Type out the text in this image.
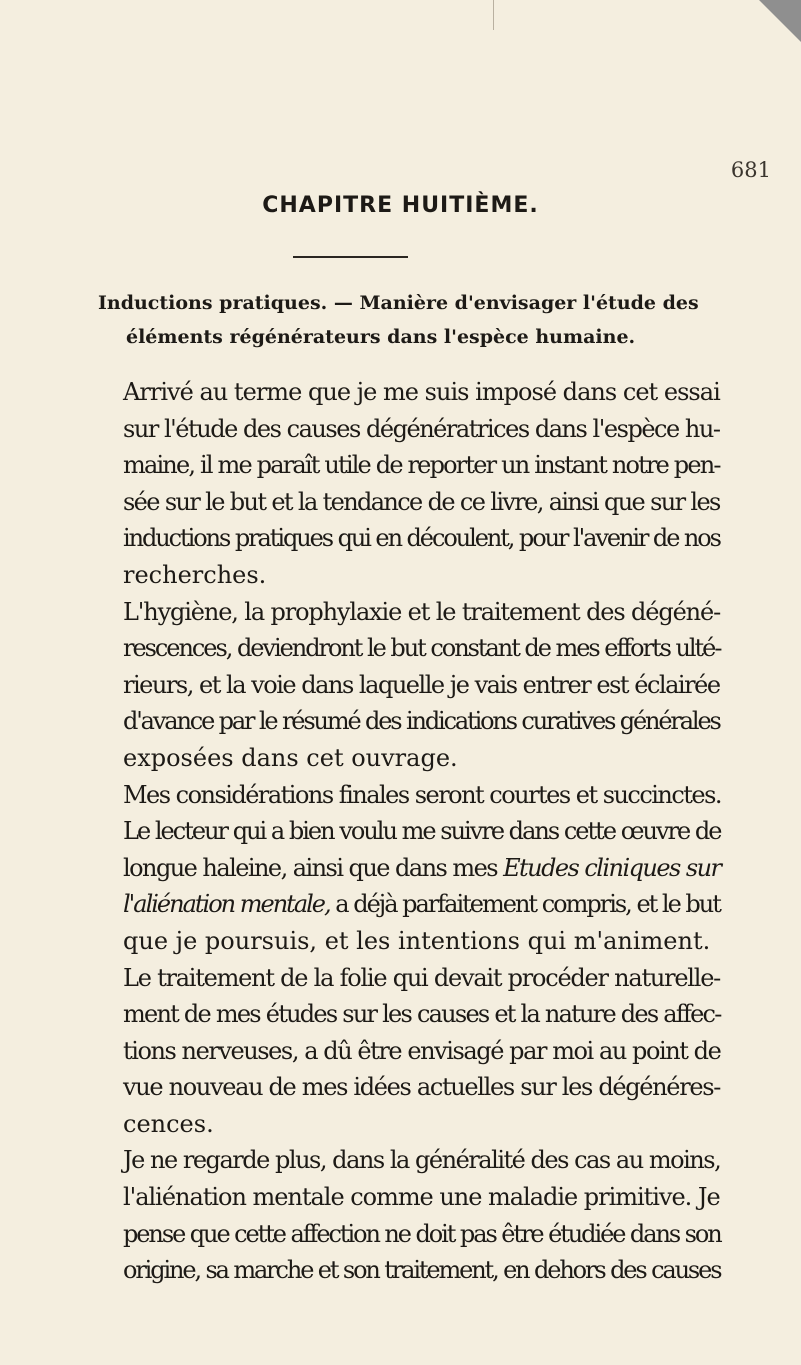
681
CHAPITRE HUITIÈME.
Inductions pratiques. — Manière d'envisager l'étude des
éléments régénérateurs dans l'espèce humaine.

Arrivé au terme que je me suis imposé dans cet essai
sur l'étude des causes dégénératrices dans l'espèce hu-
maine, il me paraît utile de reporter un instant notre pen-
sée sur le but et la tendance de ce livre, ainsi que sur les
inductions pratiques qui en découlent, pour l'avenir de nos
recherches.

L'hygiène, la prophylaxie et le traitement des dégéné-
rescences, deviendront le but constant de mes efforts ulté-
rieurs, et la voie dans laquelle je vais entrer est éclairée
d'avance par le résumé des indications curatives générales
exposées dans cet ouvrage.

Mes considérations finales seront courtes et succinctes.
Le lecteur qui a bien voulu me suivre dans cette œuvre de
longue haleine, ainsi que dans mes Etudes cliniques sur
l'aliénation mentale, a déjà parfaitement compris, et le but
que je poursuis, et les intentions qui m'animent.

Le traitement de la folie qui devait procéder naturelle-
ment de mes études sur les causes et la nature des affec-
tions nerveuses, a dû être envisagé par moi au point de
vue nouveau de mes idées actuelles sur les dégénéres-
cences.

Je ne regarde plus, dans la généralité des cas au moins,
l'aliénation mentale comme une maladie primitive. Je
pense que cette affection ne doit pas être étudiée dans son
origine, sa marche et son traitement, en dehors des causes
